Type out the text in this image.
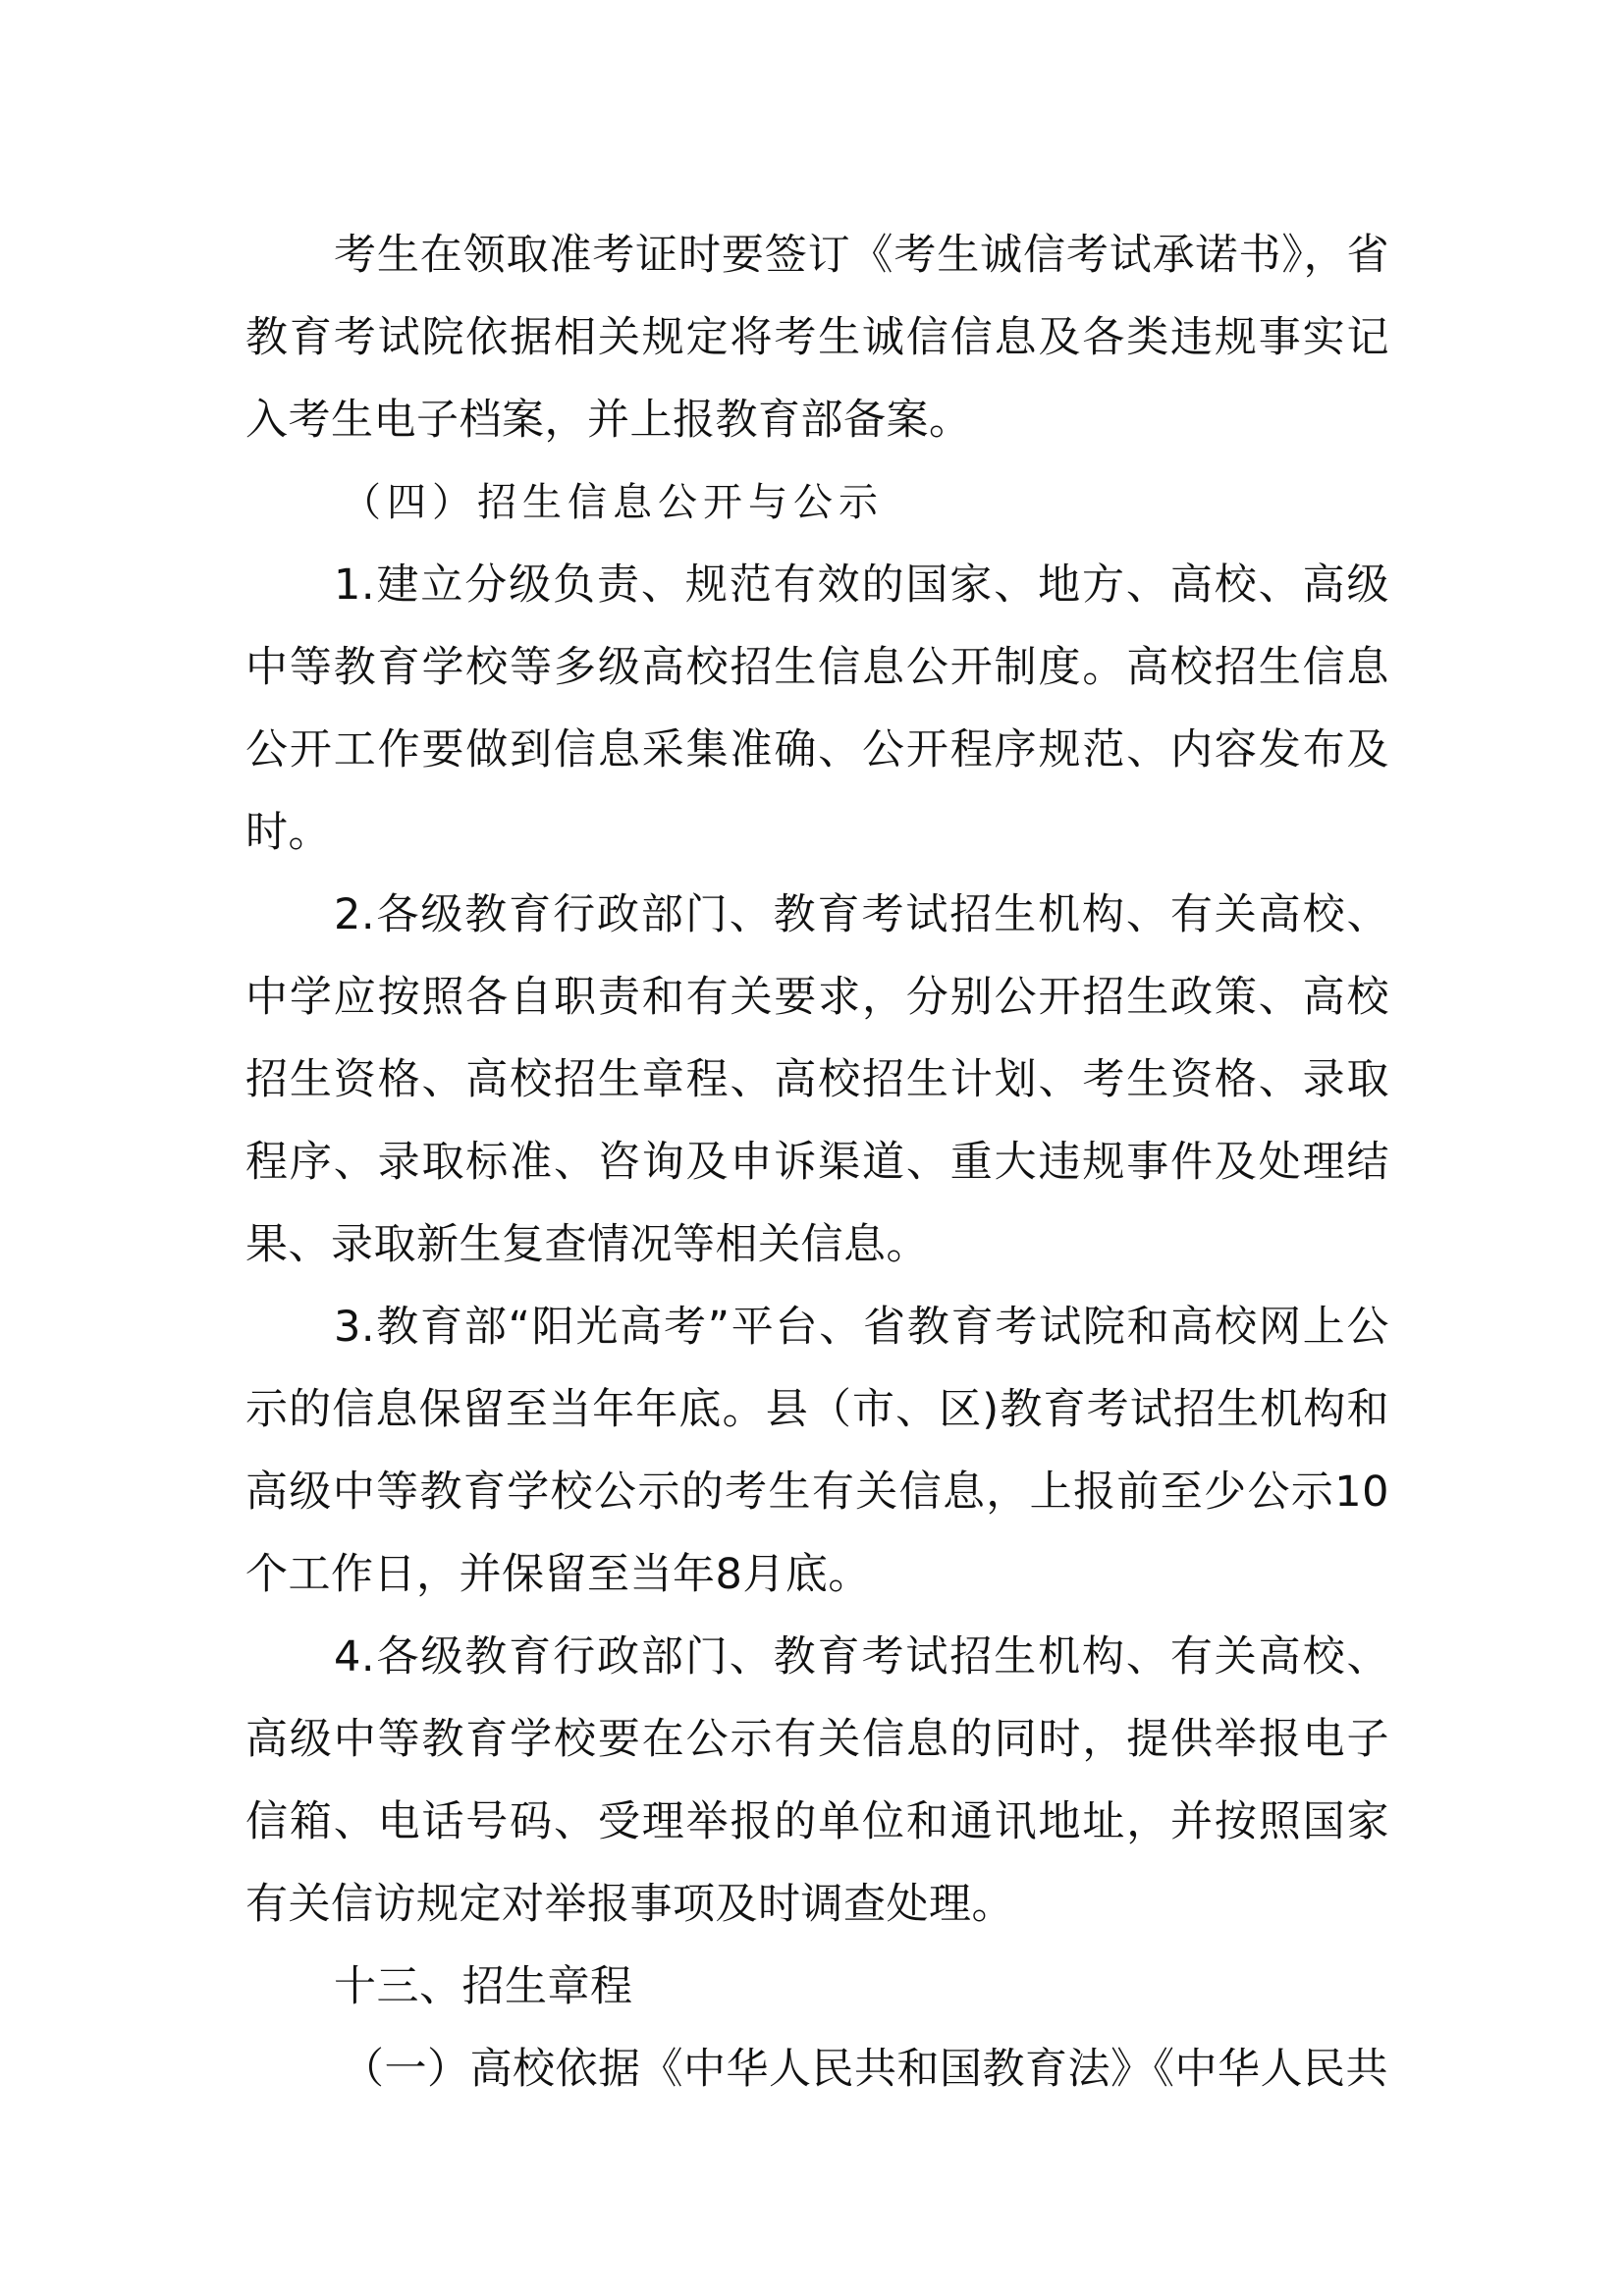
考生在领取准考证时要签订《考生诚信考试承诺书》，省教育考试院依据相关规定将考生诚信信息及各类违规事实记入考生电子档案，并上报教育部备案。

（四）招生信息公开与公示

1.建立分级负责、规范有效的国家、地方、高校、高级中等教育学校等多级高校招生信息公开制度。高校招生信息公开工作要做到信息采集准确、公开程序规范、内容发布及时。

2.各级教育行政部门、教育考试招生机构、有关高校、中学应按照各自职责和有关要求，分别公开招生政策、高校招生资格、高校招生章程、高校招生计划、考生资格、录取程序、录取标准、咨询及申诉渠道、重大违规事件及处理结果、录取新生复查情况等相关信息。

3.教育部“阳光高考”平台、省教育考试院和高校网上公示的信息保留至当年年底。县（市、区)教育考试招生机构和高级中等教育学校公示的考生有关信息，上报前至少公示10个工作日，并保留至当年8月底。

4.各级教育行政部门、教育考试招生机构、有关高校、高级中等教育学校要在公示有关信息的同时，提供举报电子信箱、电话号码、受理举报的单位和通讯地址，并按照国家有关信访规定对举报事项及时调查处理。

十三、招生章程

（一）高校依据《中华人民共和国教育法》《中华人民共
